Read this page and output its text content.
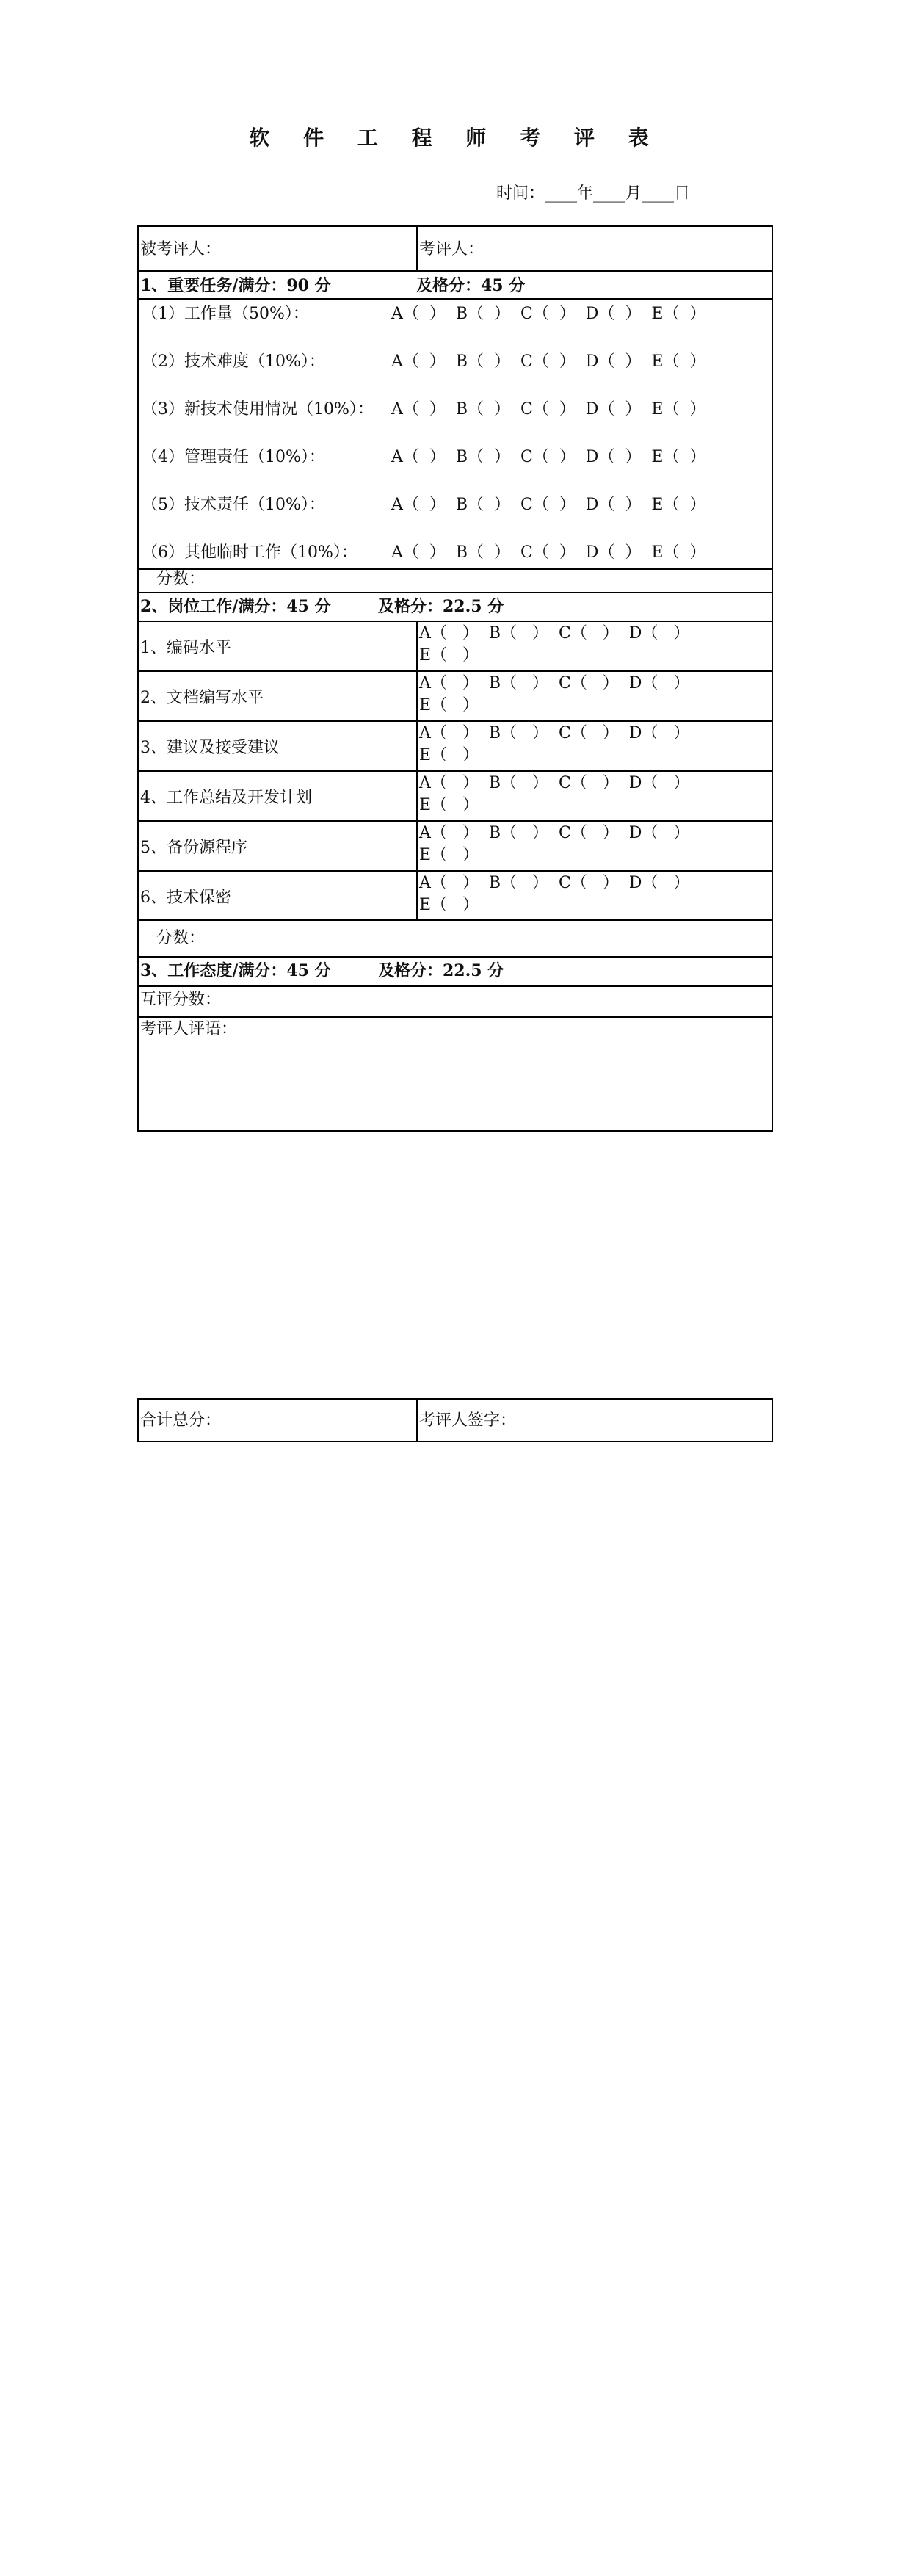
软 件 工 程 师 考 评 表
时间：____年____月____日
被考评人：	考评人：
1、重要任务/满分：90 分	及格分：45 分
（1）工作量（50%）：	A（  ）  B（  ）  C（  ）  D（  ）  E（  ）
（2）技术难度（10%）：	A（  ）  B（  ）  C（  ）  D（  ）  E（  ）
（3）新技术使用情况（10%）： A（  ）  B（  ）  C（  ）  D（  ）  E（  ）
（4）管理责任（10%）：	A（  ）  B（  ）  C（  ）  D（  ）  E（  ）
（5）技术责任（10%）：	A（  ）  B（  ）  C（  ）  D（  ）  E（  ）
（6）其他临时工作（10%）： A（  ）  B（  ）  C（  ）  D（  ）  E（  ）
分数：
2、岗位工作/满分：45 分	及格分：22.5 分
1、编码水平
A（   ）  B（   ）  C（   ）  D（   ）
E（   ）
2、文档编写水平
A（   ）  B（   ）  C（   ）  D（   ）
E（   ）
3、建议及接受建议
A（   ）  B（   ）  C（   ）  D（   ）
E（   ）
4、工作总结及开发计划
A（   ）  B（   ）  C（   ）  D（   ）
E（   ）
5、备份源程序
A（   ）  B（   ）  C（   ）  D（   ）
E（   ）
6、技术保密
A（   ）  B（   ）  C（   ）  D（   ）
E（   ）
分数：
3、工作态度/满分：45 分	及格分：22.5 分
互评分数：
考评人评语：
合计总分：	考评人签字：
